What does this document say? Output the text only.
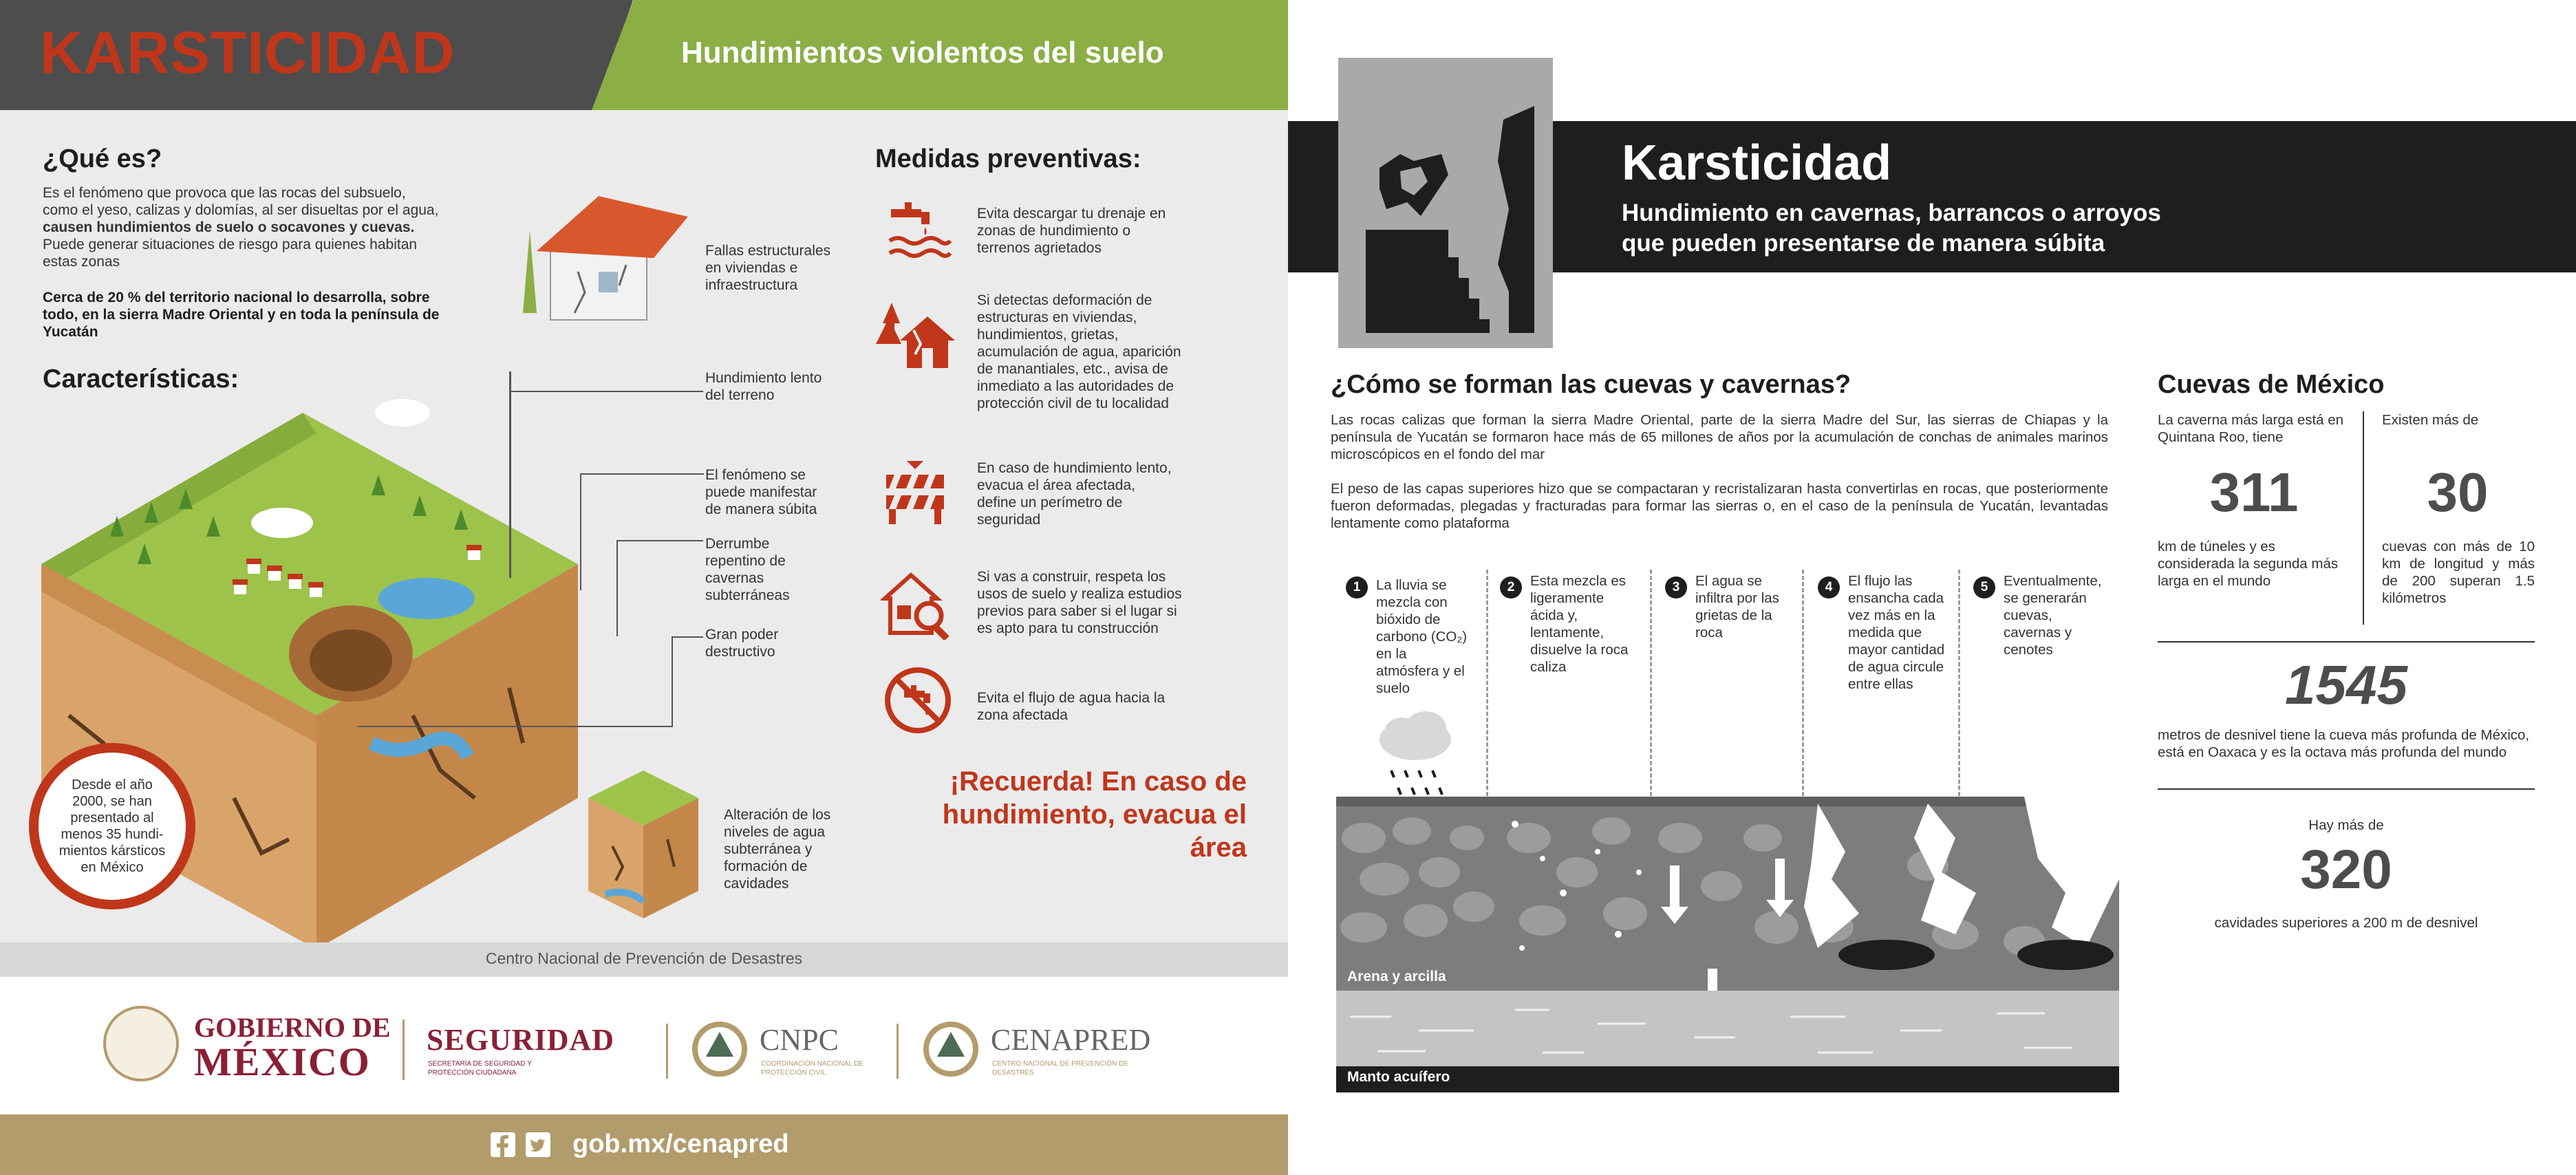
KARSTICIDAD	Hundimientos violentos del suelo
¿Qué es?
Es el fenómeno que provoca que las rocas del subsuelo, como el yeso, calizas y dolomías, al ser disueltas por el agua, causen hundimientos de suelo o socavones y cuevas. Puede generar situaciones de riesgo para quienes habitan estas zonas
Cerca de 20 % del territorio nacional lo desarrolla, sobre todo, en la sierra Madre Oriental y en toda la península de Yucatán
Características:
Fallas estructurales en viviendas e infraestructura
Hundimiento lento del terreno
El fenómeno se puede manifestar de manera súbita
Derrumbe repentino de cavernas subterráneas
Gran poder destructivo
Alteración de los niveles de agua subterránea y formación de cavidades
Desde el año 2000, se han presentado al menos 35 hundi-mientos kársticos en México
Medidas preventivas:
Evita descargar tu drenaje en zonas de hundimiento o terrenos agrietados
Si detectas deformación de estructuras en viviendas, hundimientos, grietas, acumulación de agua, aparición de manantiales, etc., avisa de inmediato a las autoridades de protección civil de tu localidad
En caso de hundimiento lento, evacua el área afectada, define un perímetro de seguridad
Si vas a construir, respeta los usos de suelo y realiza estudios previos para saber si el lugar si es apto para tu construcción
Evita el flujo de agua hacia la zona afectada
¡Recuerda! En caso de hundimiento, evacua el área
Centro Nacional de Prevención de Desastres
GOBIERNO DE
MÉXICO SEGURIDAD
SECRETARÍA DE SEGURIDAD Y PROTECCIÓN CIUDADANA
CNPC
COORDINACIÓN NACIONAL DE PROTECCIÓN CIVIL
CENAPRED
CENTRO NACIONAL DE PREVENCIÓN DE DESASTRES
gob.mx/cenapred
Karsticidad
Hundimiento en cavernas, barrancos o arroyos
que pueden presentarse de manera súbita
¿Cómo se forman las cuevas y cavernas?
Las rocas calizas que forman la sierra Madre Oriental, parte de la sierra Madre del Sur, las sierras de Chiapas y la península de Yucatán se formaron hace más de 65 millones de años por la acumulación de conchas de animales marinos microscópicos en el fondo del mar
El peso de las capas superiores hizo que se compactaran y recristalizaran hasta convertirlas en rocas, que posteriormente fueron deformadas, plegadas y fracturadas para formar las sierras o, en el caso de la península de Yucatán, levantadas lentamente como plataforma
1	La lluvia se mezcla con bióxido de carbono (CO₂) en la atmósfera y el suelo
2	Esta mezcla es ligeramente ácida y, lentamente, disuelve la roca caliza
3	El agua se infiltra por las grietas de la roca
4	El flujo las ensancha cada vez más en la medida que mayor cantidad de agua circule entre ellas
5	Eventualmente, se generarán cuevas, cavernas y cenotes
Arena y arcilla
Manto acuífero
Cuevas de México
La caverna más larga está en Quintana Roo, tiene
311
km de túneles y es considerada la segunda más larga en el mundo
Existen más de
30
cuevas con más de 10 km de longitud y más de 200 superan 1.5 kilómetros
1545
metros de desnivel tiene la cueva más profunda de México, está en Oaxaca y es la octava más profunda del mundo
Hay más de
320
cavidades superiores a 200 m de desnivel
